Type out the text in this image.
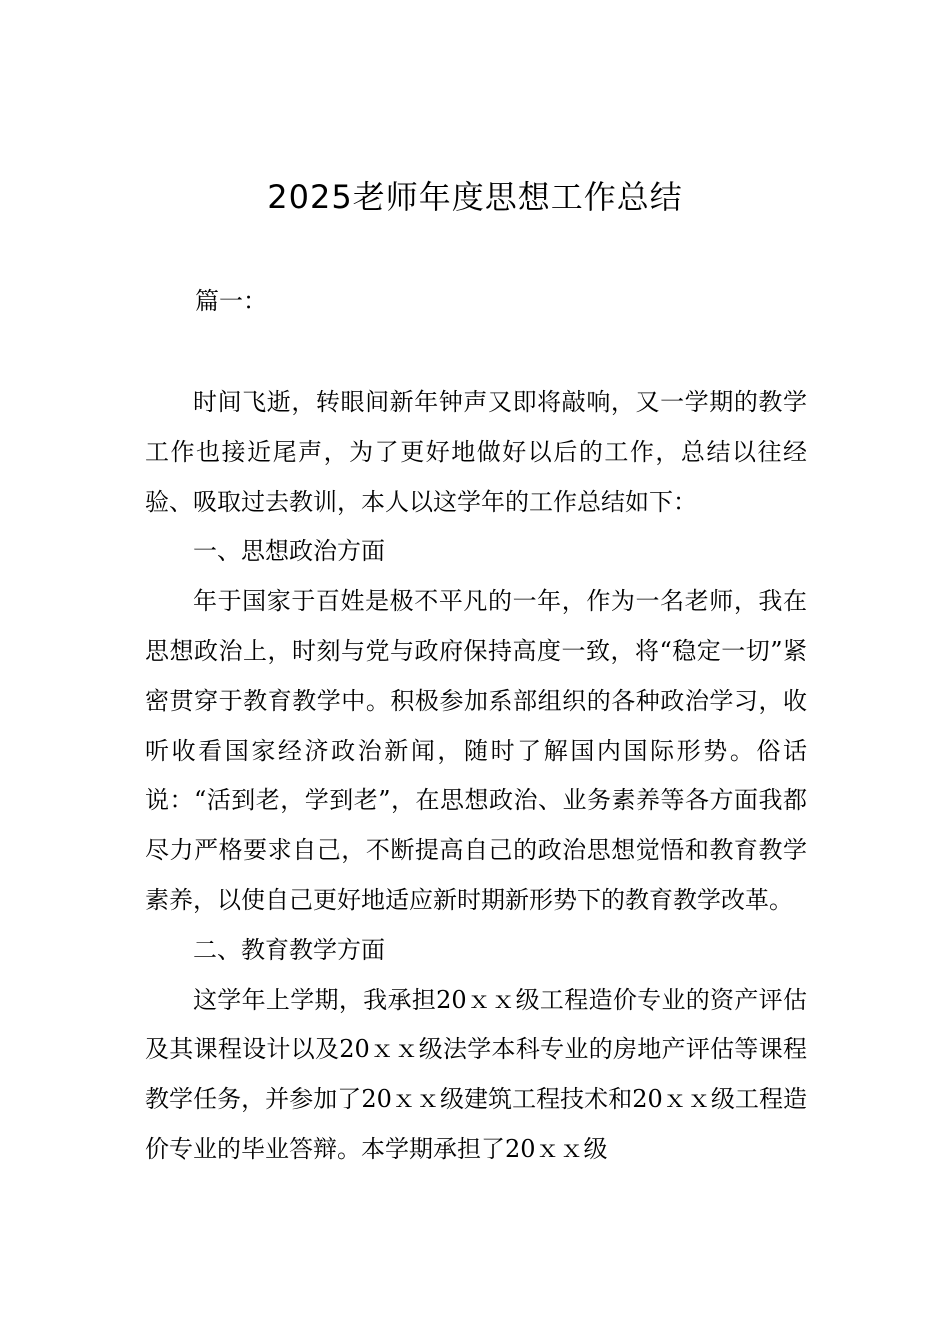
2025老师年度思想工作总结
篇一：

时间飞逝，转眼间新年钟声又即将敲响，又一学期的教学工作也接近尾声，为了更好地做好以后的工作，总结以往经验、吸取过去教训，本人以这学年的工作总结如下：

一、思想政治方面

年于国家于百姓是极不平凡的一年，作为一名老师，我在思想政治上，时刻与党与政府保持高度一致，将“稳定一切”紧密贯穿于教育教学中。积极参加系部组织的各种政治学习，收听收看国家经济政治新闻，随时了解国内国际形势。俗话说：“活到老，学到老”，在思想政治、业务素养等各方面我都尽力严格要求自己，不断提高自己的政治思想觉悟和教育教学素养，以使自己更好地适应新时期新形势下的教育教学改革。

二、教育教学方面

这学年上学期，我承担20ｘｘ级工程造价专业的资产评估及其课程设计以及20ｘｘ级法学本科专业的房地产评估等课程教学任务，并参加了20ｘｘ级建筑工程技术和20ｘｘ级工程造价专业的毕业答辩。本学期承担了20ｘｘ级
